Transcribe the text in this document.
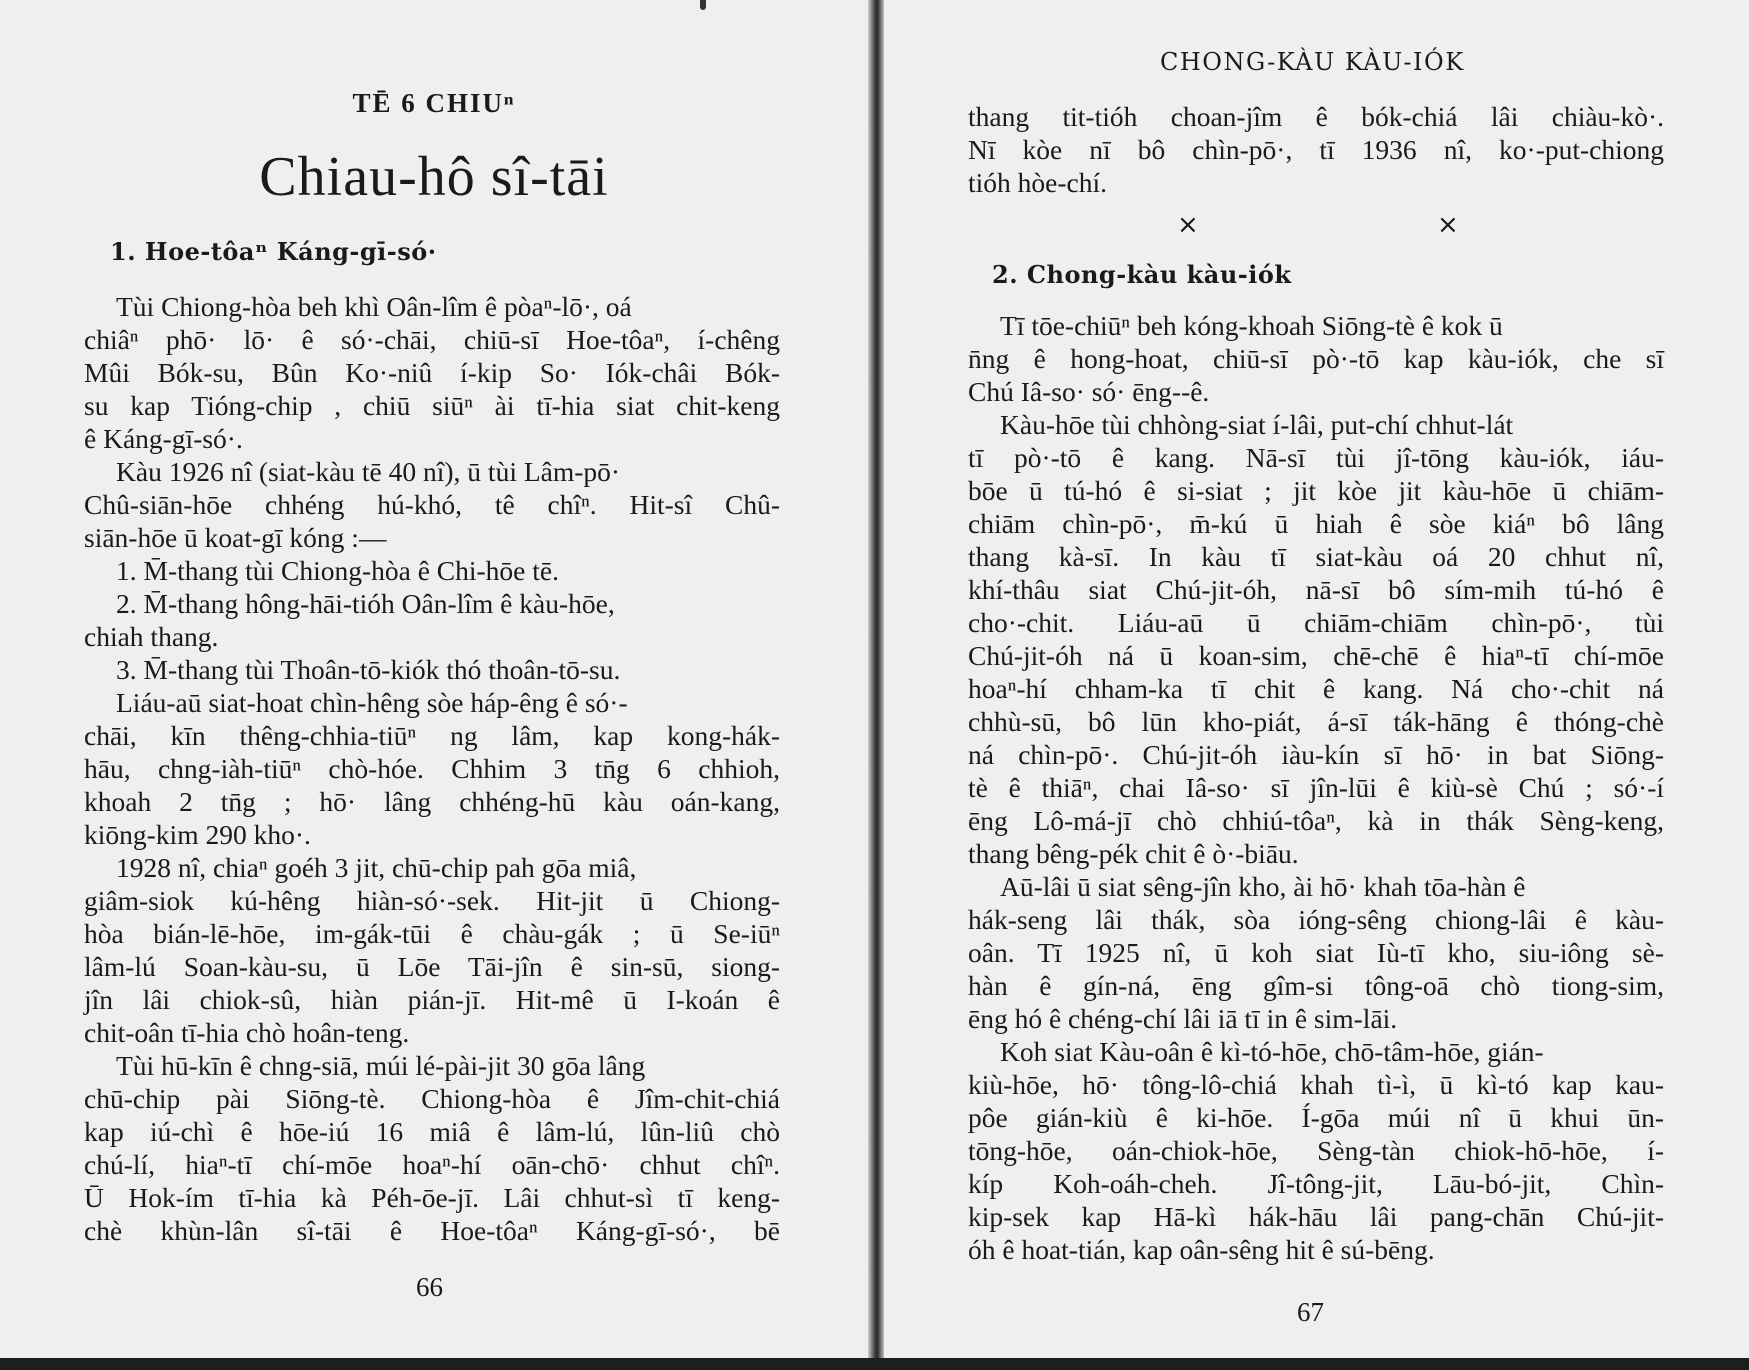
TĒ 6 CHIUⁿ
Chiau-hô sî-tāi
1. Hoe-tôaⁿ Káng-gī-só·
Tùi Chiong-hòa beh khì Oân-lîm ê pòaⁿ-lō·, oá
chiâⁿ phō· lō· ê só·-chāi, chiū-sī Hoe-tôaⁿ, í-chêng
Mûi Bók-su, Bûn Ko·-niû í-kip So· Iók-châi Bók-
su kap Tióng-chip , chiū siūⁿ ài tī-hia siat chit-keng
ê Káng-gī-só·.
Kàu 1926 nî (siat-kàu tē 40 nî), ū tùi Lâm-pō·
Chû-siān-hōe chhéng hú-khó, tê chîⁿ. Hit-sî Chû-
siān-hōe ū koat-gī kóng :—
1. M̄-thang tùi Chiong-hòa ê Chi-hōe tē.
2. M̄-thang hông-hāi-tióh Oân-lîm ê kàu-hōe,
chiah thang.
3. M̄-thang tùi Thoân-tō-kiók thó thoân-tō-su.
Liáu-aū siat-hoat chìn-hêng sòe háp-êng ê só·-
chāi, kīn thêng-chhia-tiūⁿ ng lâm, kap kong-hák-
hāu, chng-iàh-tiūⁿ chò-hóe. Chhim 3 tn̄g 6 chhioh,
khoah 2 tn̄g ; hō· lâng chhéng-hū kàu oán-kang,
kiōng-kim 290 kho·.
1928 nî, chiaⁿ goéh 3 jit, chū-chip pah gōa miâ,
giâm-siok kú-hêng hiàn-só·-sek. Hit-jit ū Chiong-
hòa bián-lē-hōe, im-gák-tūi ê chàu-gák ; ū Se-iūⁿ
lâm-lú Soan-kàu-su, ū Lōe Tāi-jîn ê sin-sū, siong-
jîn lâi chiok-sû, hiàn pián-jī. Hit-mê ū I-koán ê
chit-oân tī-hia chò hoân-teng.
Tùi hū-kīn ê chng-siā, múi lé-pài-jit 30 gōa lâng
chū-chip pài Siōng-tè. Chiong-hòa ê Jîm-chit-chiá
kap iú-chì ê hōe-iú 16 miâ ê lâm-lú, lûn-liû chò
chú-lí, hiaⁿ-tī chí-mōe hoaⁿ-hí oān-chō· chhut chîⁿ.
Ū Hok-ím tī-hia kà Péh-ōe-jī. Lâi chhut-sì tī keng-
chè khùn-lân sî-tāi ê Hoe-tôaⁿ Káng-gī-só·, bē
66
CHONG-KÀU KÀU-IÓK
thang tit-tióh choan-jîm ê bók-chiá lâi chiàu-kò·.
Nī kòe nī bô chìn-pō·, tī 1936 nî, ko·-put-chiong
tióh hòe-chí.
×	×
2. Chong-kàu kàu-iók
Tī tōe-chiūⁿ beh kóng-khoah Siōng-tè ê kok ū
n̄ng ê hong-hoat, chiū-sī pò·-tō kap kàu-iók, che sī
Chú Iâ-so· só· ēng--ê.
Kàu-hōe tùi chhòng-siat í-lâi, put-chí chhut-lát
tī pò·-tō ê kang. Nā-sī tùi jî-tōng kàu-iók, iáu-
bōe ū tú-hó ê si-siat ; jit kòe jit kàu-hōe ū chiām-
chiām chìn-pō·, m̄-kú ū hiah ê sòe kiáⁿ bô lâng
thang kà-sī. In kàu tī siat-kàu oá 20 chhut nî,
khí-thâu siat Chú-jit-óh, nā-sī bô sím-mih tú-hó ê
cho·-chit. Liáu-aū ū chiām-chiām chìn-pō·, tùi
Chú-jit-óh ná ū koan-sim, chē-chē ê hiaⁿ-tī chí-mōe
hoaⁿ-hí chham-ka tī chit ê kang. Ná cho·-chit ná
chhù-sū, bô lūn kho-piát, á-sī ták-hāng ê thóng-chè
ná chìn-pō·. Chú-jit-óh iàu-kín sī hō· in bat Siōng-
tè ê thiāⁿ, chai Iâ-so· sī jîn-lūi ê kiù-sè Chú ; só·-í
ēng Lô-má-jī chò chhiú-tôaⁿ, kà in thák Sèng-keng,
thang bêng-pék chit ê ò·-biāu.
Aū-lâi ū siat sêng-jîn kho, ài hō· khah tōa-hàn ê
hák-seng lâi thák, sòa ióng-sêng chiong-lâi ê kàu-
oân. Tī 1925 nî, ū koh siat Iù-tī kho, siu-iông sè-
hàn ê gín-ná, ēng gîm-si tông-oā chò tiong-sim,
ēng hó ê chéng-chí lâi iā tī in ê sim-lāi.
Koh siat Kàu-oân ê kì-tó-hōe, chō-tâm-hōe, gián-
kiù-hōe, hō· tông-lô-chiá khah tì-ì, ū kì-tó kap kau-
pôe gián-kiù ê ki-hōe. Í-gōa múi nî ū khui ūn-
tōng-hōe, oán-chiok-hōe, Sèng-tàn chiok-hō-hōe, í-
kíp Koh-oáh-cheh. Jî-tông-jit, Lāu-bó-jit, Chìn-
kip-sek kap Hā-kì hák-hāu lâi pang-chān Chú-jit-
óh ê hoat-tián, kap oân-sêng hit ê sú-bēng.
67
